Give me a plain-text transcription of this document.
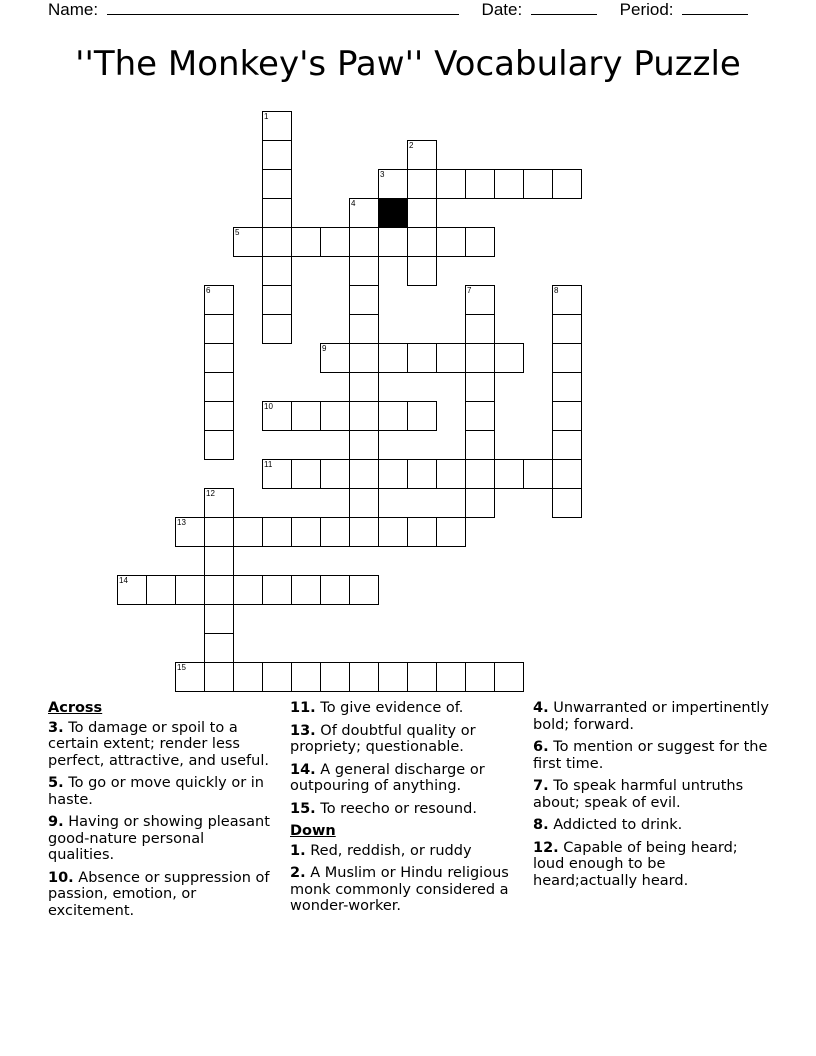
Name:	Date:	Period:
''The Monkey's Paw'' Vocabulary Puzzle
1
2
3
4
5
6	7	8
9
10
11
12
13
14
15
Across
3. To damage or spoil to a certain extent; render less perfect, attractive, and useful.
5. To go or move quickly or in haste.
9. Having or showing pleasant good-nature personal qualities.
10. Absence or suppression of passion, emotion, or excitement.
11. To give evidence of.
13. Of doubtful quality or propriety; questionable.
14. A general discharge or outpouring of anything.
15. To reecho or resound.
Down
1. Red, reddish, or ruddy
2. A Muslim or Hindu religious monk commonly considered a wonder-worker.
4. Unwarranted or impertinently bold; forward.
6. To mention or suggest for the first time.
7. To speak harmful untruths about; speak of evil.
8. Addicted to drink.
12. Capable of being heard; loud enough to be heard;actually heard.
